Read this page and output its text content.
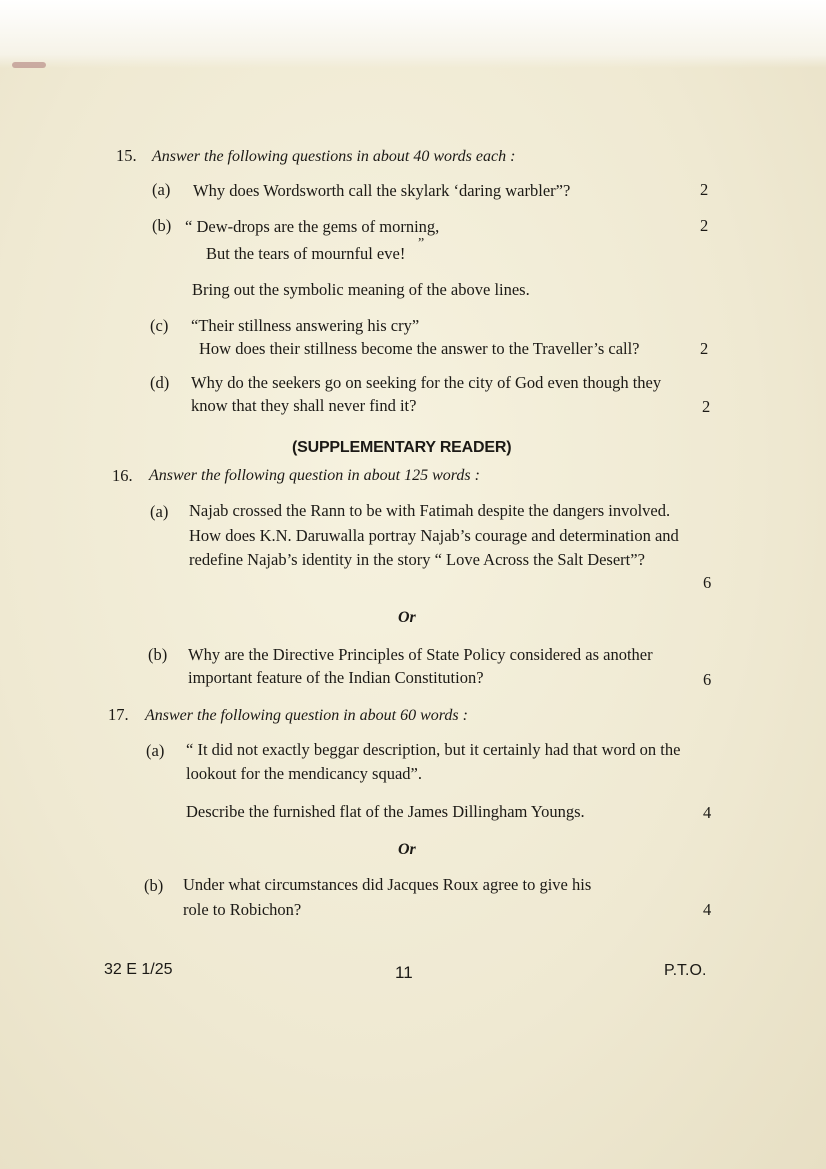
15. Answer the following questions in about 40 words each :
(a) Why does Wordsworth call the skylark ‘daring warbler”?	2
(b) “ Dew-drops are the gems of morning,
”
2
But the tears of mournful eve!
Bring out the symbolic meaning of the above lines.
(c) “Their stillness answering his cry”
How does their stillness become the answer to the Traveller’s call?	2
(d) Why do the seekers go on seeking for the city of God even though they
know that they shall never find it?	2
(SUPPLEMENTARY READER)
16. Answer the following question in about 125 words :
(a) Najab crossed the Rann to be with Fatimah despite the dangers involved.
How does K.N. Daruwalla portray Najab’s courage and determination and
redefine Najab’s identity in the story “ Love Across the Salt Desert”?
6
Or
(b) Why are the Directive Principles of State Policy considered as another
important feature of the Indian Constitution?	6
17. Answer the following question in about 60 words :
(a) “ It did not exactly beggar description, but it certainly had that word on the
lookout for the mendicancy squad”.
Describe the furnished flat of the James Dillingham Youngs.	4
Or
(b) Under what circumstances did Jacques Roux agree to give his
role to Robichon?	4
32 E 1/25	11	P.T.O.
